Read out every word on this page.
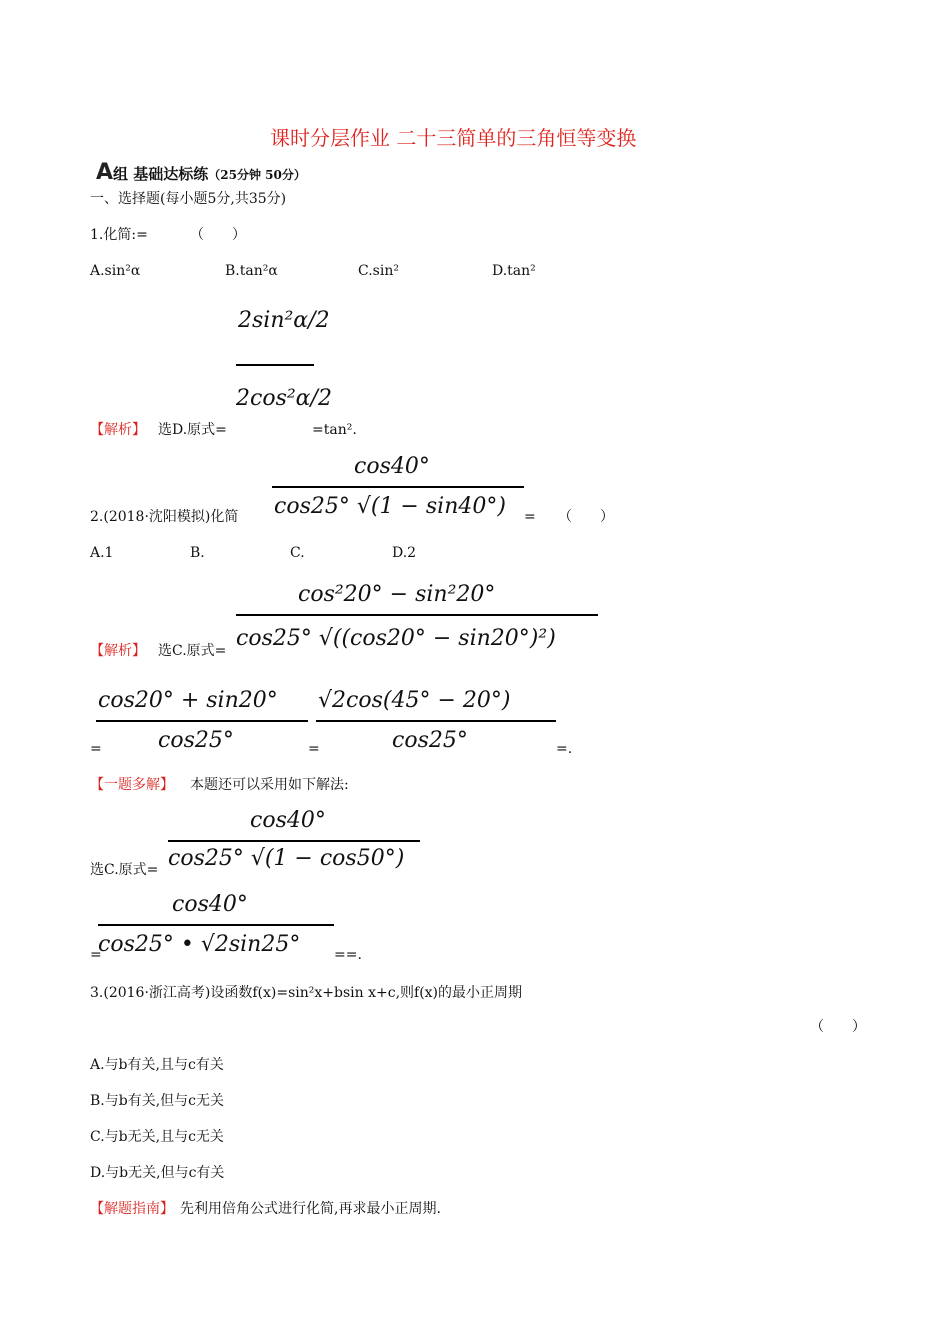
课时分层作业 二十三简单的三角恒等变换
A组 基础达标练（25分钟 50分）
一、选择题(每小题5分,共35分)
1.化简:=	（　　）
A.sin²α	B.tan²α	C.sin²	D.tan²
2sin²α/2
2cos²α/2
【解析】 选D.原式=	=tan².
cos40°
cos25° √(1 − sin40°)
2.(2018·沈阳模拟)化简	= （　　）
A.1	B.	C.	D.2
cos²20° − sin²20°
cos25° √((cos20° − sin20°)²)
【解析】 选C.原式=
cos20° + sin20°
cos25°
=	=
√2cos(45° − 20°)
cos25°	=.
【一题多解】 本题还可以采用如下解法:
cos40°
cos25° √(1 − cos50°)
选C.原式=
cos40°
cos25° • √2sin25°
=	==.
3.(2016·浙江高考)设函数f(x)=sin²x+bsin x+c,则f(x)的最小正周期
（　　）
A.与b有关,且与c有关
B.与b有关,但与c无关
C.与b无关,且与c无关
D.与b无关,但与c有关
【解题指南】 先利用倍角公式进行化简,再求最小正周期.
